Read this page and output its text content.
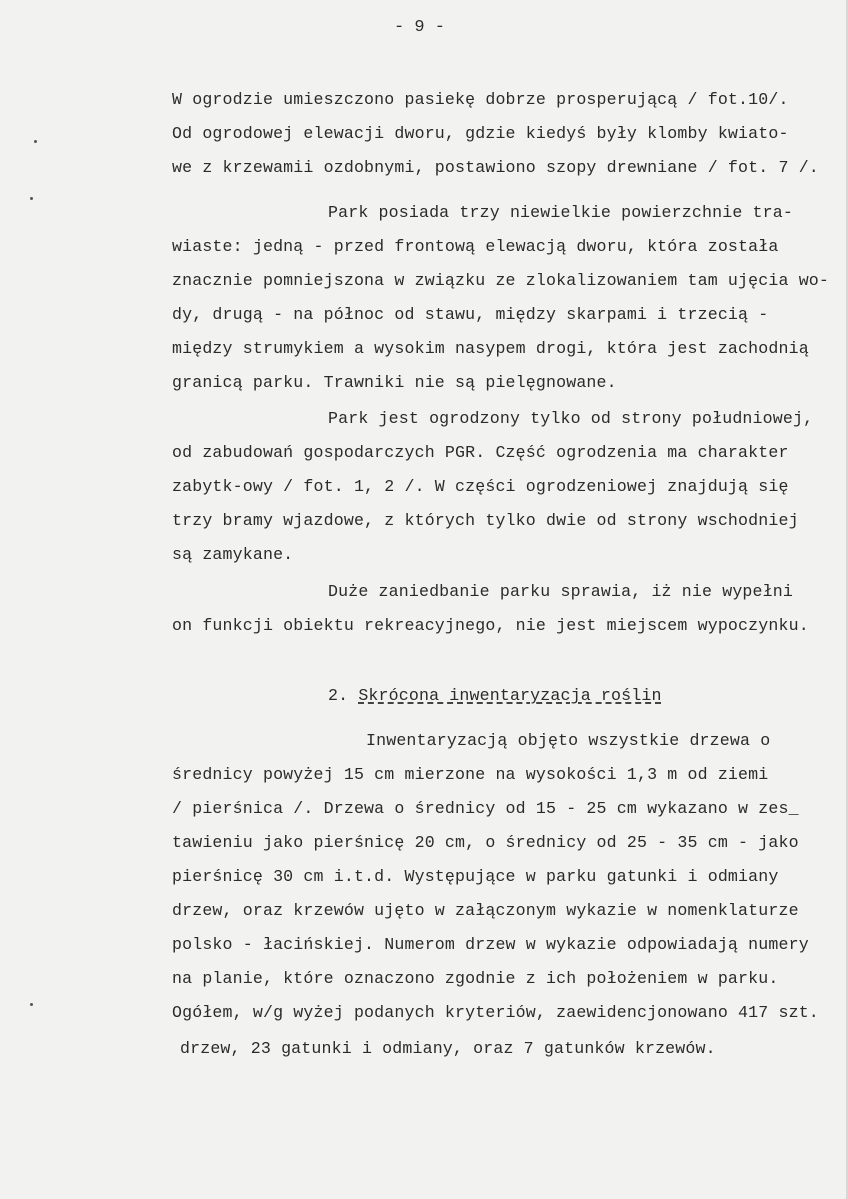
- 9 -
W ogrodzie umieszczono pasiekę dobrze prosperującą / fot.10/.
Od ogrodowej elewacji dworu, gdzie kiedyś były klomby kwiato-
we z krzewamii ozdobnymi, postawiono szopy drewniane / fot. 7 /.
Park posiada trzy niewielkie powierzchnie tra-
wiaste: jedną - przed frontową elewacją dworu, która została
znacznie pomniejszona w związku ze zlokalizowaniem tam ujęcia wo-
dy, drugą - na północ od stawu, między skarpami i trzecią -
między strumykiem a wysokim nasypem drogi, która jest zachodnią
granicą parku. Trawniki nie są pielęgnowane.
Park jest ogrodzony tylko od strony południowej,
od zabudowań gospodarczych PGR. Część ogrodzenia ma charakter
zabytk-owy / fot. 1, 2 /. W części ogrodzeniowej znajdują się
trzy bramy wjazdowe, z których tylko dwie od strony wschodniej
są zamykane.
Duże zaniedbanie parku sprawia, iż nie wypełni
on funkcji obiektu rekreacyjnego, nie jest miejscem wypoczynku.
2. Skrócona inwentaryzacja roślin
Inwentaryzacją objęto wszystkie drzewa o
średnicy powyżej 15 cm mierzone na wysokości 1,3 m od ziemi
/ pierśnica /. Drzewa o średnicy od 15 - 25 cm wykazano w zes_
tawieniu jako pierśnicę 20 cm, o średnicy od 25 - 35 cm - jako
pierśnicę 30 cm i.t.d. Występujące w parku gatunki i odmiany
drzew, oraz krzewów ujęto w załączonym wykazie w nomenklaturze
polsko - łacińskiej. Numerom drzew w wykazie odpowiadają numery
na planie, które oznaczono zgodnie z ich położeniem w parku.
Ogółem, w/g wyżej podanych kryteriów, zaewidencjonowano 417 szt.
drzew, 23 gatunki i odmiany, oraz 7 gatunków krzewów.
